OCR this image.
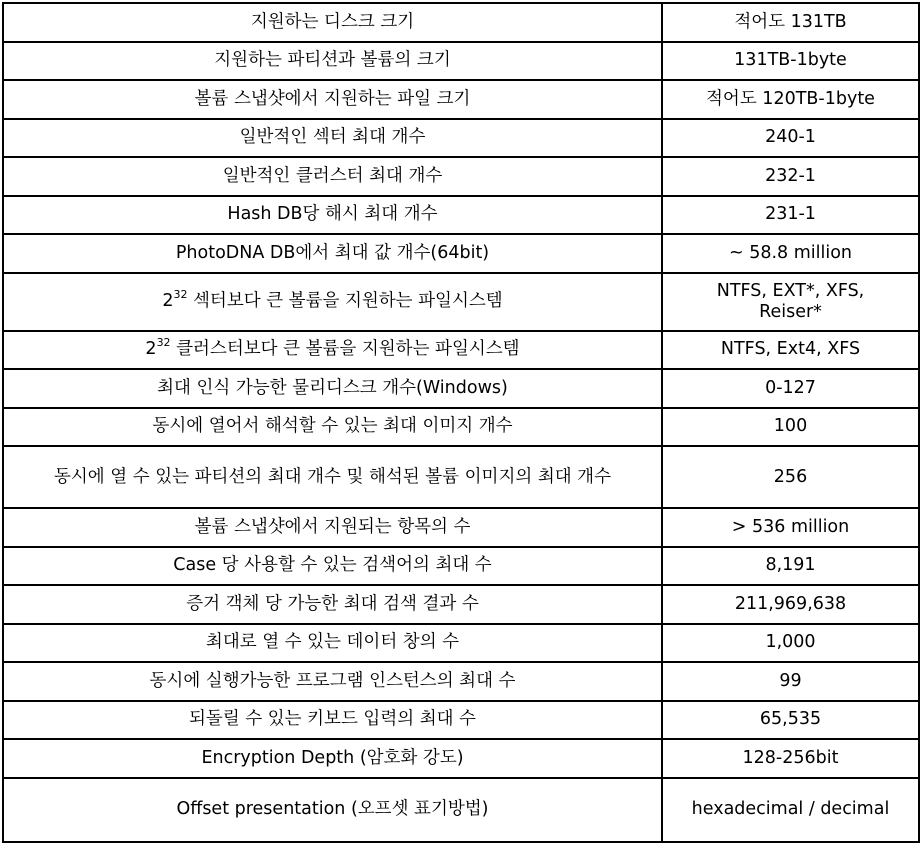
지원하는 디스크 크기	적어도 131TB
지원하는 파티션과 볼륨의 크기	131TB-1byte
볼륨 스냅샷에서 지원하는 파일 크기	적어도 120TB-1byte
일반적인 섹터 최대 개수	240-1
일반적인 클러스터 최대 개수	232-1
Hash DB당 해시 최대 개수	231-1
PhotoDNA DB에서 최대 값 개수(64bit)	~ 58.8 million
$2^{32}$ 섹터보다 큰 볼륨을 지원하는 파일시스템	NTFS, EXT*, XFS,
Reiser*
$2^{32}$ 클러스터보다 큰 볼륨을 지원하는 파일시스템	NTFS, Ext4, XFS
최대 인식 가능한 물리디스크 개수(Windows)	0-127
동시에 열어서 해석할 수 있는 최대 이미지 개수	100
동시에 열 수 있는 파티션의 최대 개수 및 해석된 볼륨 이미지의 최대 개수	256
볼륨 스냅샷에서 지원되는 항목의 수	> 536 million
Case 당 사용할 수 있는 검색어의 최대 수	8,191
증거 객체 당 가능한 최대 검색 결과 수	211,969,638
최대로 열 수 있는 데이터 창의 수	1,000
동시에 실행가능한 프로그램 인스턴스의 최대 수	99
되돌릴 수 있는 키보드 입력의 최대 수	65,535
Encryption Depth (암호화 강도)	128-256bit
Offset presentation (오프셋 표기방법)	hexadecimal / decimal
